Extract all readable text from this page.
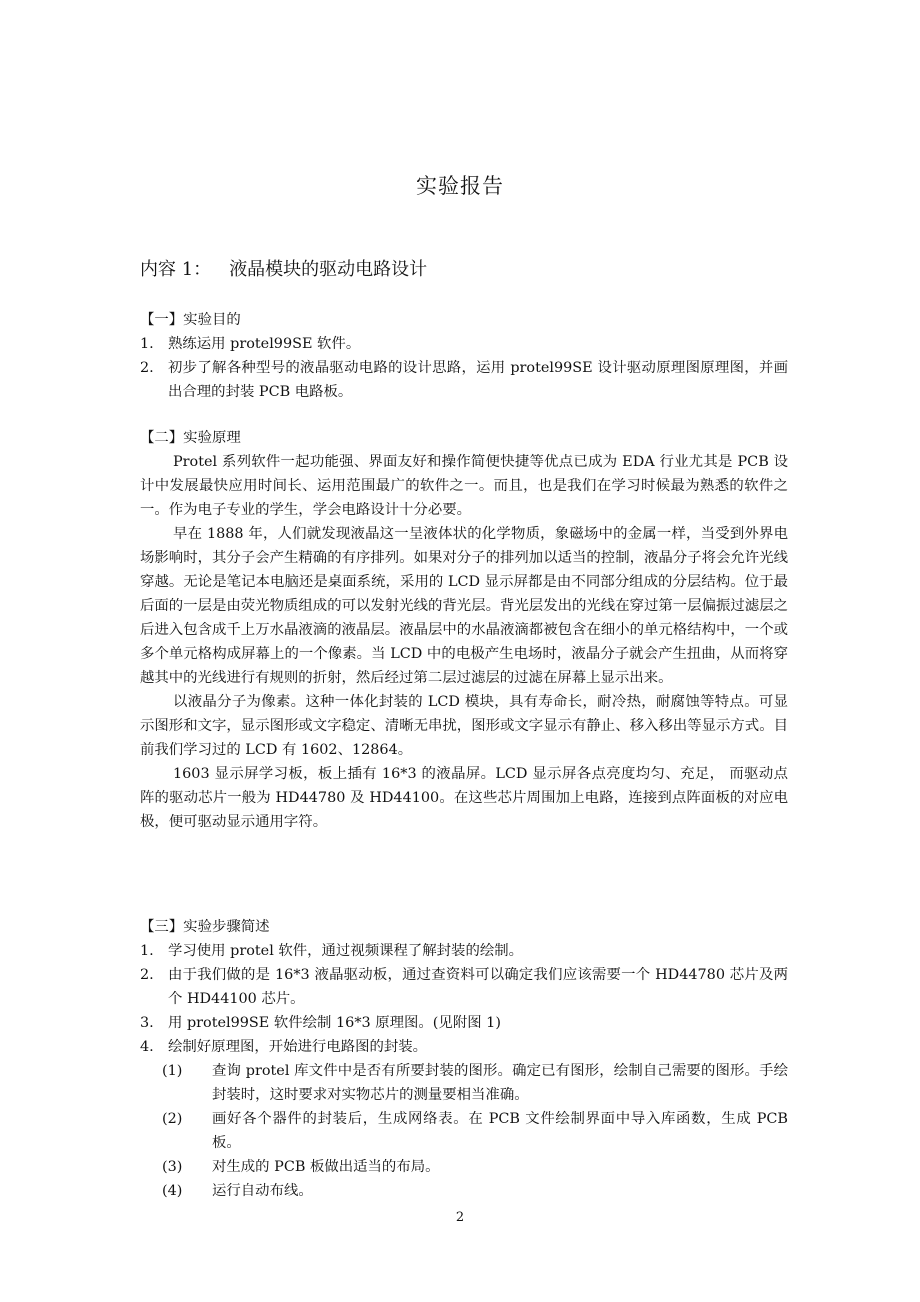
实验报告
内容 1： 液晶模块的驱动电路设计
【一】实验目的
1. 熟练运用 protel99SE 软件。
2. 初步了解各种型号的液晶驱动电路的设计思路，运用 protel99SE 设计驱动原理图原理图，并画出合理的封装 PCB 电路板。
【二】实验原理
Protel 系列软件一起功能强、界面友好和操作简便快捷等优点已成为 EDA 行业尤其是 PCB 设计中发展最快应用时间长、运用范围最广的软件之一。而且，也是我们在学习时候最为熟悉的软件之一。作为电子专业的学生，学会电路设计十分必要。
早在 1888 年，人们就发现液晶这一呈液体状的化学物质，象磁场中的金属一样，当受到外界电场影响时，其分子会产生精确的有序排列。如果对分子的排列加以适当的控制，液晶分子将会允许光线穿越。无论是笔记本电脑还是桌面系统，采用的 LCD 显示屏都是由不同部分组成的分层结构。位于最后面的一层是由荧光物质组成的可以发射光线的背光层。背光层发出的光线在穿过第一层偏振过滤层之后进入包含成千上万水晶液滴的液晶层。液晶层中的水晶液滴都被包含在细小的单元格结构中，一个或多个单元格构成屏幕上的一个像素。当 LCD 中的电极产生电场时，液晶分子就会产生扭曲，从而将穿越其中的光线进行有规则的折射，然后经过第二层过滤层的过滤在屏幕上显示出来。
以液晶分子为像素。这种一体化封装的 LCD 模块，具有寿命长，耐冷热，耐腐蚀等特点。可显示图形和文字，显示图形或文字稳定、清晰无串扰，图形或文字显示有静止、移入移出等显示方式。目前我们学习过的 LCD 有 1602、12864。
1603 显示屏学习板，板上插有 16*3 的液晶屏。LCD 显示屏各点亮度均匀、充足， 而驱动点阵的驱动芯片一般为 HD44780 及 HD44100。在这些芯片周围加上电路，连接到点阵面板的对应电极，便可驱动显示通用字符。
【三】实验步骤简述
1. 学习使用 protel 软件，通过视频课程了解封装的绘制。
2. 由于我们做的是 16*3 液晶驱动板，通过查资料可以确定我们应该需要一个 HD44780 芯片及两个 HD44100 芯片。
3. 用 protel99SE 软件绘制 16*3 原理图。(见附图 1)
4. 绘制好原理图，开始进行电路图的封装。
(1)	查询 protel 库文件中是否有所要封装的图形。确定已有图形，绘制自己需要的图形。手绘封装时，这时要求对实物芯片的测量要相当准确。
(2)	画好各个器件的封装后，生成网络表。在 PCB 文件绘制界面中导入库函数，生成 PCB 板。
(3)	对生成的 PCB 板做出适当的布局。
(4)	运行自动布线。
2
